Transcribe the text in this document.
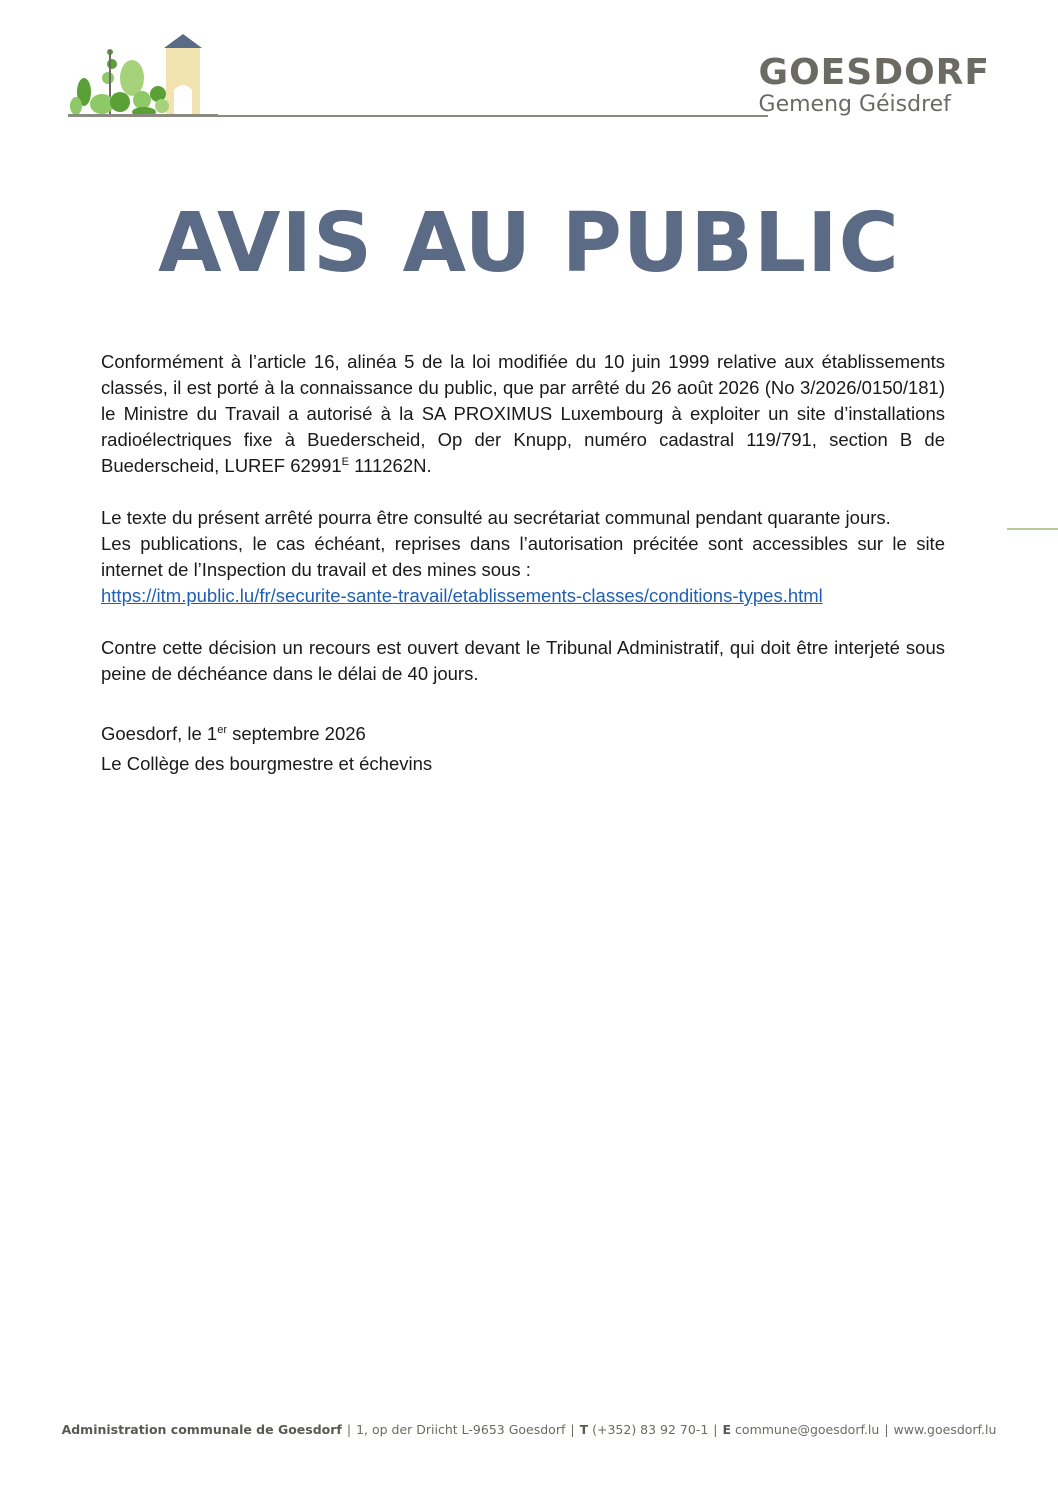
GOESDORF
Gemeng Géisdref
AVIS AU PUBLIC

Conformément à l’article 16, alinéa 5 de la loi modifiée du 10 juin 1999 relative aux établissements classés, il est porté à la connaissance du public, que par arrêté du 26 août 2026 (No 3/2026/0150/181) le Ministre du Travail a autorisé à la SA PROXIMUS Luxembourg à exploiter un site d’installations radioélectriques fixe à Buederscheid, Op der Knupp, numéro cadastral 119/791, section B de Buederscheid, LUREF $62991^E$ 111262N.

Le texte du présent arrêté pourra être consulté au secrétariat communal pendant quarante jours.

Les publications, le cas échéant, reprises dans l’autorisation précitée sont accessibles sur le site internet de l’Inspection du travail et des mines sous :

https://itm.public.lu/fr/securite-sante-travail/etablissements-classes/conditions-types.html

Contre cette décision un recours est ouvert devant le Tribunal Administratif, qui doit être interjeté sous peine de déchéance dans le délai de 40 jours.

Goesdorf, le 1er septembre 2026
Le Collège des bourgmestre et échevins
Administration communale de Goesdorf | 1, op der Driicht L-9653 Goesdorf | T (+352) 83 92 70-1 | E commune@goesdorf.lu | www.goesdorf.lu
